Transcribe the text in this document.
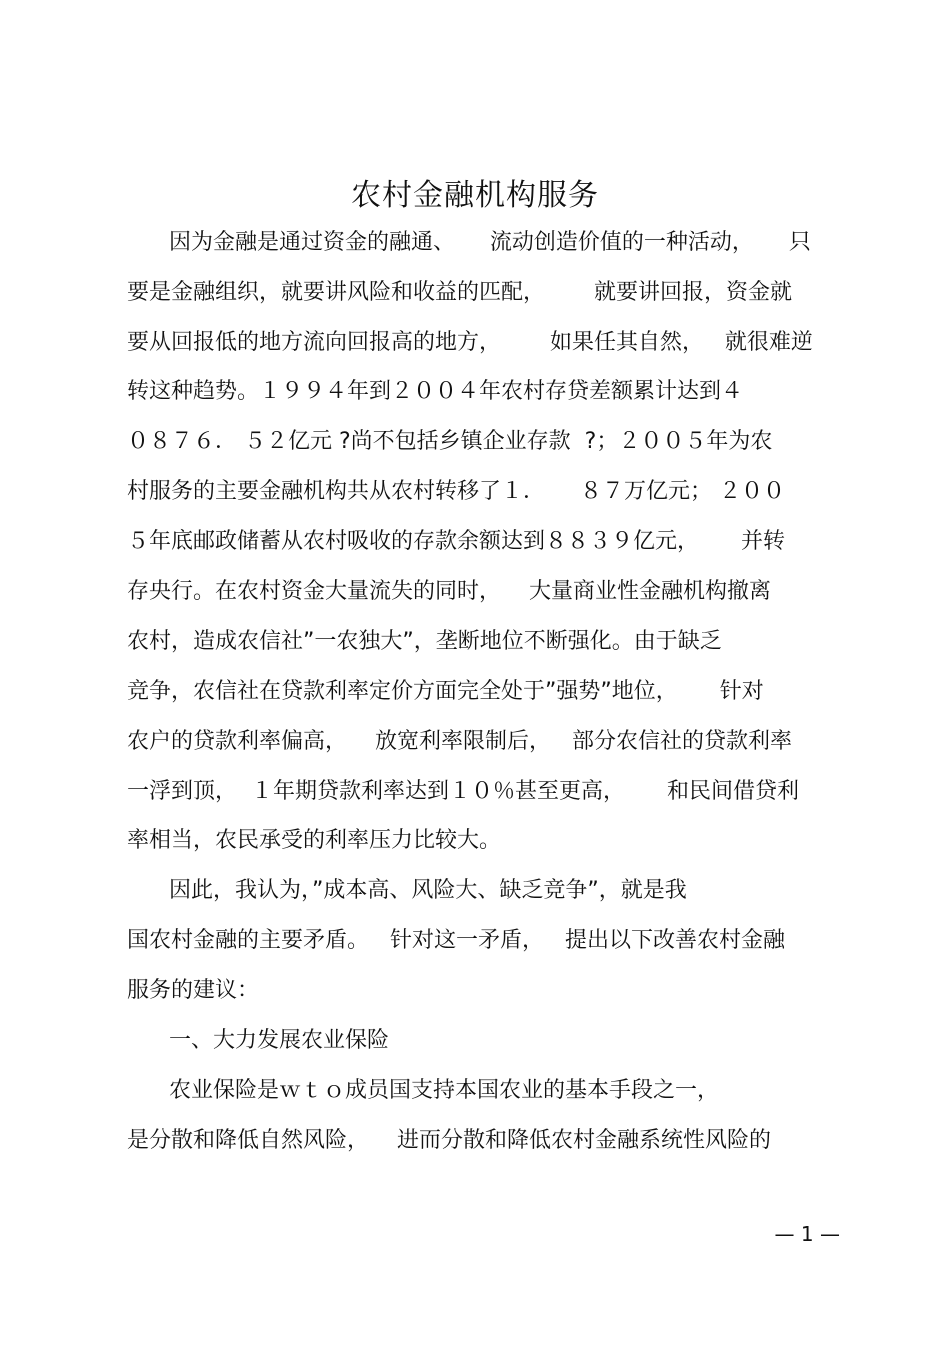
农村金融机构服务
因为金融是通过资金的融通、     流动创造价值的一种活动，     只
要是金融组织，就要讲风险和收益的匹配，       就要讲回报，资金就
要从回报低的地方流向回报高的地方，       如果任其自然，   就很难逆
转这种趋势。１９９４年到２００４年农村存贷差额累计达到４
０８７６． ５２亿元 ?尚不包括乡镇企业存款  ?；２００５年为农
村服务的主要金融机构共从农村转移了１．     ８７万亿元； ２００
５年底邮政储蓄从农村吸收的存款余额达到８８３９亿元，      并转
存央行。在农村资金大量流失的同时，    大量商业性金融机构撤离
农村，造成农信社”一农独大”，垄断地位不断强化。由于缺乏
竞争，农信社在贷款利率定价方面完全处于”强势”地位，      针对
农户的贷款利率偏高，    放宽利率限制后，   部分农信社的贷款利率
一浮到顶，  １年期贷款利率达到１０％甚至更高，      和民间借贷利
率相当，农民承受的利率压力比较大。
因此，我认为，”成本高、风险大、缺乏竞争”，就是我
国农村金融的主要矛盾。   针对这一矛盾，   提出以下改善农村金融
服务的建议：
一、大力发展农业保险
农业保险是ｗｔｏ成员国支持本国农业的基本手段之一，
是分散和降低自然风险，    进而分散和降低农村金融系统性风险的
— 1 —
